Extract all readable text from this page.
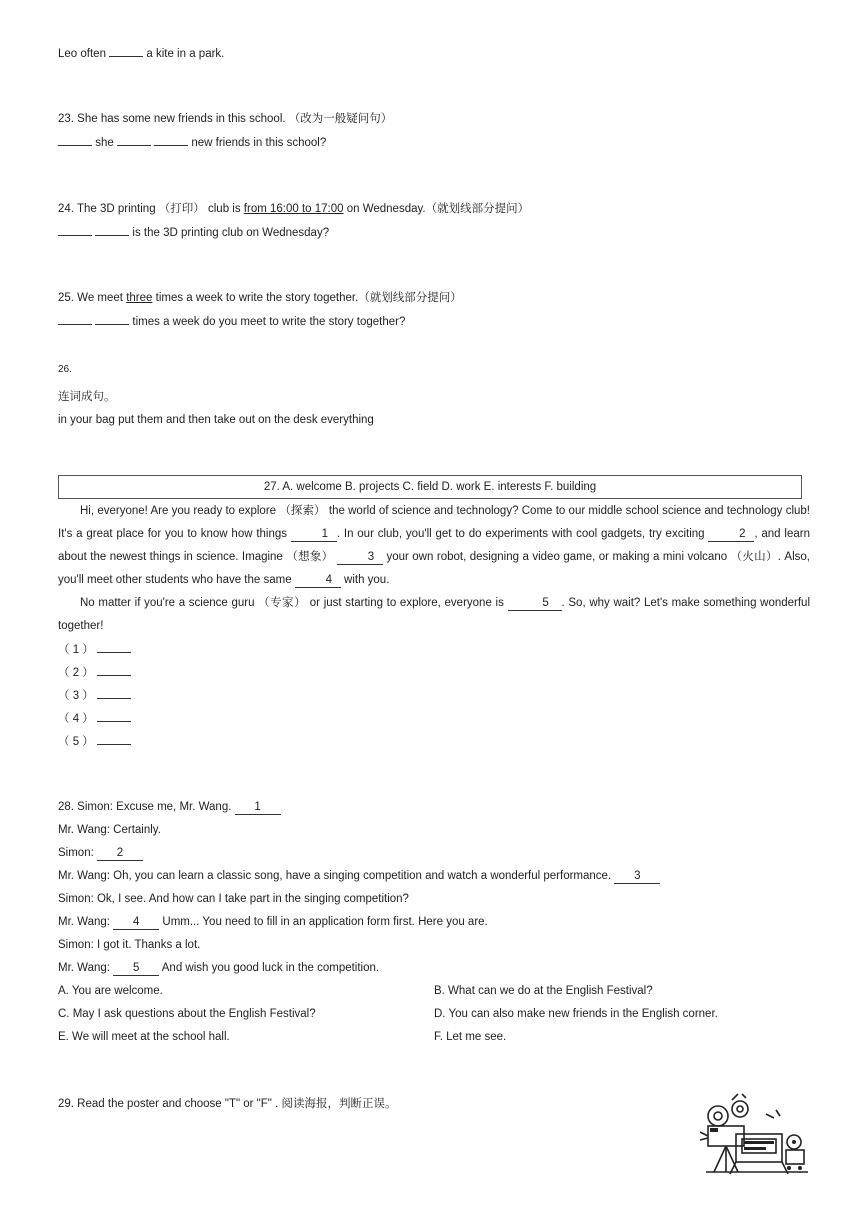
Leo often	a kite in a park.
23. She has some new friends in this school. （改为一般疑问句）
she	new friends in this school?
24. The 3D printing （打印） club is from 16:00 to 17:00 on Wednesday.（就划线部分提问）
is the 3D printing club on Wednesday?
25. We meet three times a week to write the story together.（就划线部分提问）
times a week do you meet to write the story together?
26.
连词成句。
in your bag put them and then take out on the desk everything
27. A. welcome B. projects C. field D. work E. interests F. building
Hi, everyone! Are you ready to explore （探索） the world of science and technology? Come to our middle school science and technology club! It's a great place for you to know how things	1 . In our club, you'll get to do experiments with cool gadgets, try exciting	2 , and learn about the newest things in science. Imagine （想象）	3 your own robot, designing a video game, or making a mini volcano （火山）. Also, you'll meet other students who have the same	4 with you.
No matter if you're a science guru （专家） or just starting to explore, everyone is	5 . So, why wait? Let's make something wonderful together!
（ 1 ）
（ 2 ）
（ 3 ）
（ 4 ）
（ 5 ）
28. Simon: Excuse me, Mr. Wang. 1
Mr. Wang: Certainly.
Simon: 2
Mr. Wang: Oh, you can learn a classic song, have a singing competition and watch a wonderful performance. 3
Simon: Ok, I see. And how can I take part in the singing competition?
Mr. Wang: 4 Umm... You need to fill in an application form first. Here you are.
Simon: I got it. Thanks a lot.
Mr. Wang: 5 And wish you good luck in the competition.
A. You are welcome.	B. What can we do at the English Festival?
C. May I ask questions about the English Festival?	D. You can also make new friends in the English corner.
E. We will meet at the school hall.	F. Let me see.
29. Read the poster and choose "T" or "F" . 阅读海报，判断正误。
